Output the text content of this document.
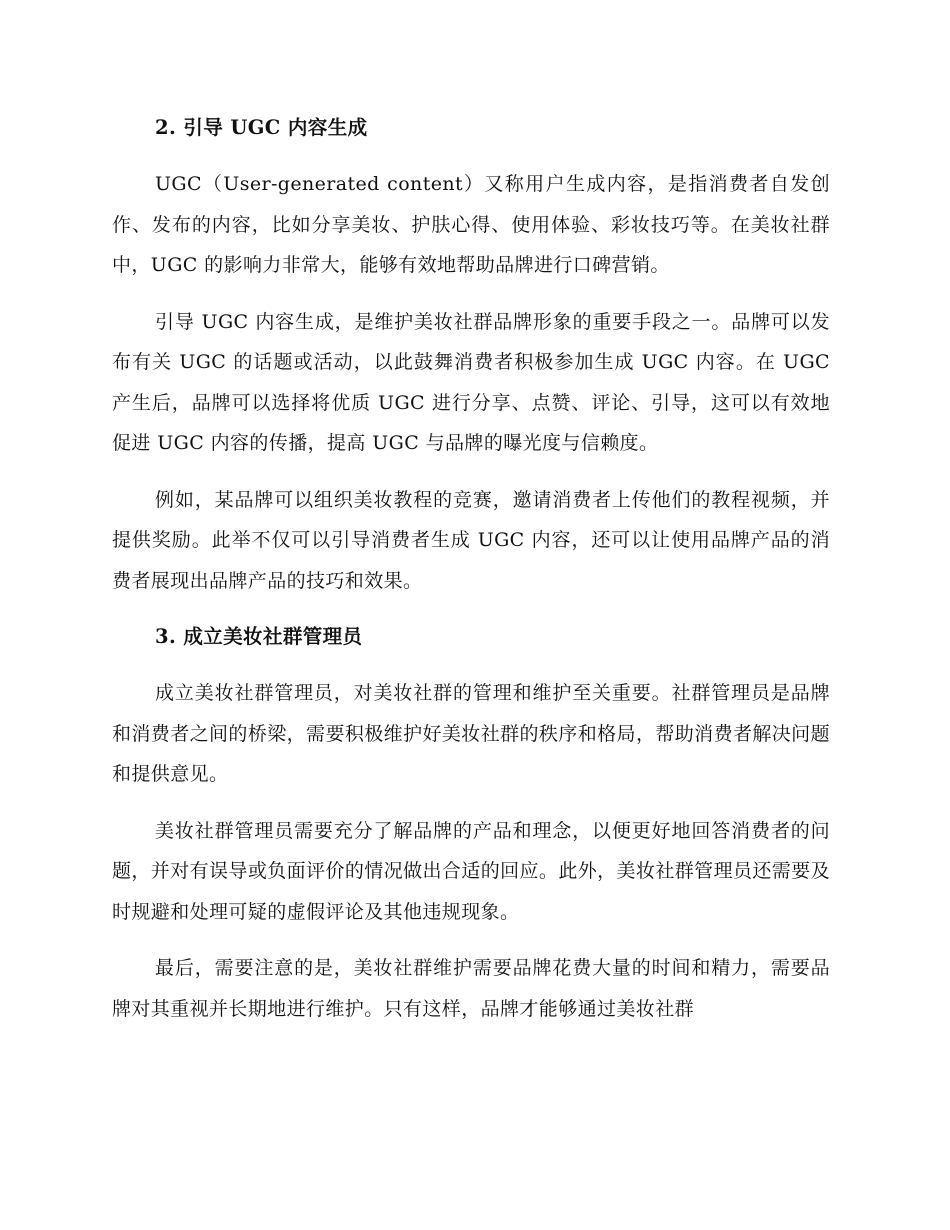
2. 引导 UGC 内容生成

UGC（User-generated content）又称用户生成内容，是指消费者自发创作、发布的内容，比如分享美妆、护肤心得、使用体验、彩妆技巧等。在美妆社群中，UGC 的影响力非常大，能够有效地帮助品牌进行口碑营销。

引导 UGC 内容生成，是维护美妆社群品牌形象的重要手段之一。品牌可以发布有关 UGC 的话题或活动，以此鼓舞消费者积极参加生成 UGC 内容。在 UGC 产生后，品牌可以选择将优质 UGC 进行分享、点赞、评论、引导，这可以有效地促进 UGC 内容的传播，提高 UGC 与品牌的曝光度与信赖度。

例如，某品牌可以组织美妆教程的竞赛，邀请消费者上传他们的教程视频，并提供奖励。此举不仅可以引导消费者生成 UGC 内容，还可以让使用品牌产品的消费者展现出品牌产品的技巧和效果。

3. 成立美妆社群管理员

成立美妆社群管理员，对美妆社群的管理和维护至关重要。社群管理员是品牌和消费者之间的桥梁，需要积极维护好美妆社群的秩序和格局，帮助消费者解决问题和提供意见。

美妆社群管理员需要充分了解品牌的产品和理念，以便更好地回答消费者的问题，并对有误导或负面评价的情况做出合适的回应。此外，美妆社群管理员还需要及时规避和处理可疑的虚假评论及其他违规现象。

最后，需要注意的是，美妆社群维护需要品牌花费大量的时间和精力，需要品牌对其重视并长期地进行维护。只有这样，品牌才能够通过美妆社群
